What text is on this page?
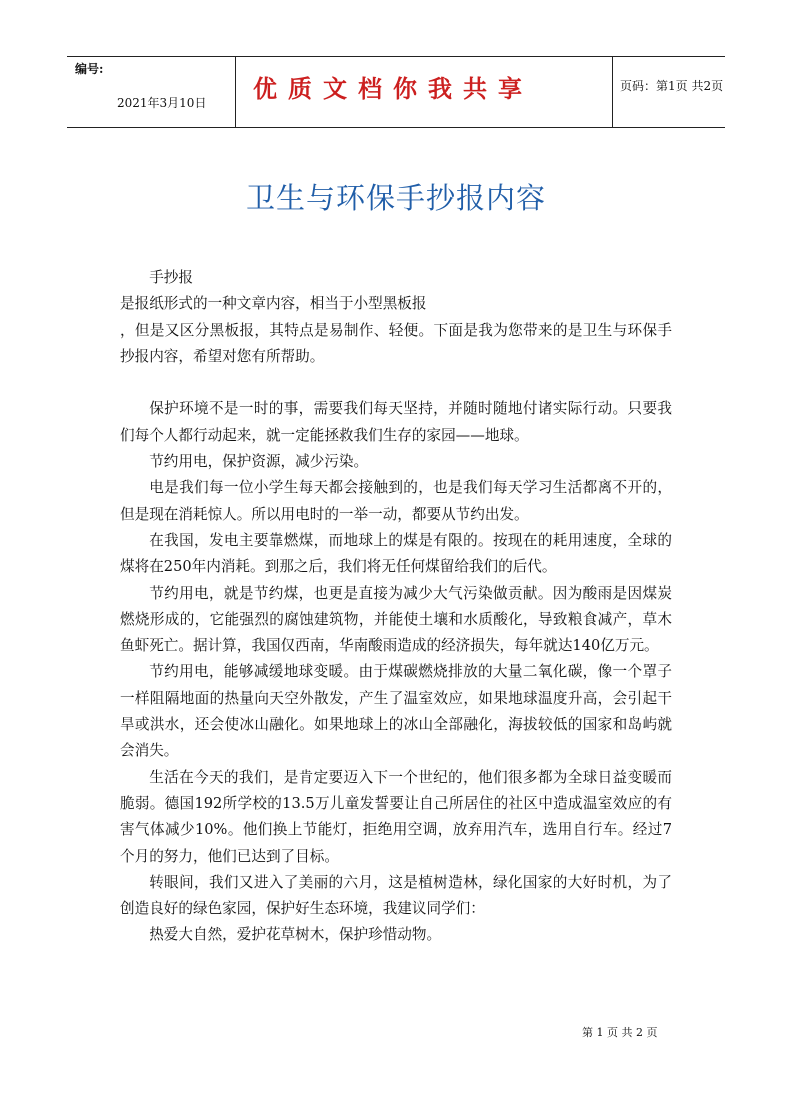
编号:
2021年3月10日 优质文档你我共享	页码：第1页 共2页
卫生与环保手抄报内容

手抄报

是报纸形式的一种文章内容，相当于小型黑板报

，但是又区分黑板报，其特点是易制作、轻便。下面是我为您带来的是卫生与环保手抄报内容，希望对您有所帮助。

保护环境不是一时的事，需要我们每天坚持，并随时随地付诸实际行动。只要我们每个人都行动起来，就一定能拯救我们生存的家园——地球。

节约用电，保护资源，减少污染。

电是我们每一位小学生每天都会接触到的，也是我们每天学习生活都离不开的，但是现在消耗惊人。所以用电时的一举一动，都要从节约出发。

在我国，发电主要靠燃煤，而地球上的煤是有限的。按现在的耗用速度，全球的煤将在250年内消耗。到那之后，我们将无任何煤留给我们的后代。

节约用电，就是节约煤，也更是直接为减少大气污染做贡献。因为酸雨是因煤炭燃烧形成的，它能强烈的腐蚀建筑物，并能使土壤和水质酸化，导致粮食减产，草木鱼虾死亡。据计算，我国仅西南，华南酸雨造成的经济损失，每年就达140亿万元。

节约用电，能够减缓地球变暖。由于煤碳燃烧排放的大量二氧化碳，像一个罩子一样阻隔地面的热量向天空外散发，产生了温室效应，如果地球温度升高，会引起干旱或洪水，还会使冰山融化。如果地球上的冰山全部融化，海拔较低的国家和岛屿就会消失。

生活在今天的我们，是肯定要迈入下一个世纪的，他们很多都为全球日益变暖而脆弱。德国192所学校的13.5万儿童发誓要让自己所居住的社区中造成温室效应的有害气体减少10%。他们换上节能灯，拒绝用空调，放弃用汽车，选用自行车。经过7个月的努力，他们已达到了目标。

转眼间，我们又进入了美丽的六月，这是植树造林，绿化国家的大好时机，为了创造良好的绿色家园，保护好生态环境，我建议同学们：

热爱大自然，爱护花草树木，保护珍惜动物。

第 1 页 共 2 页
